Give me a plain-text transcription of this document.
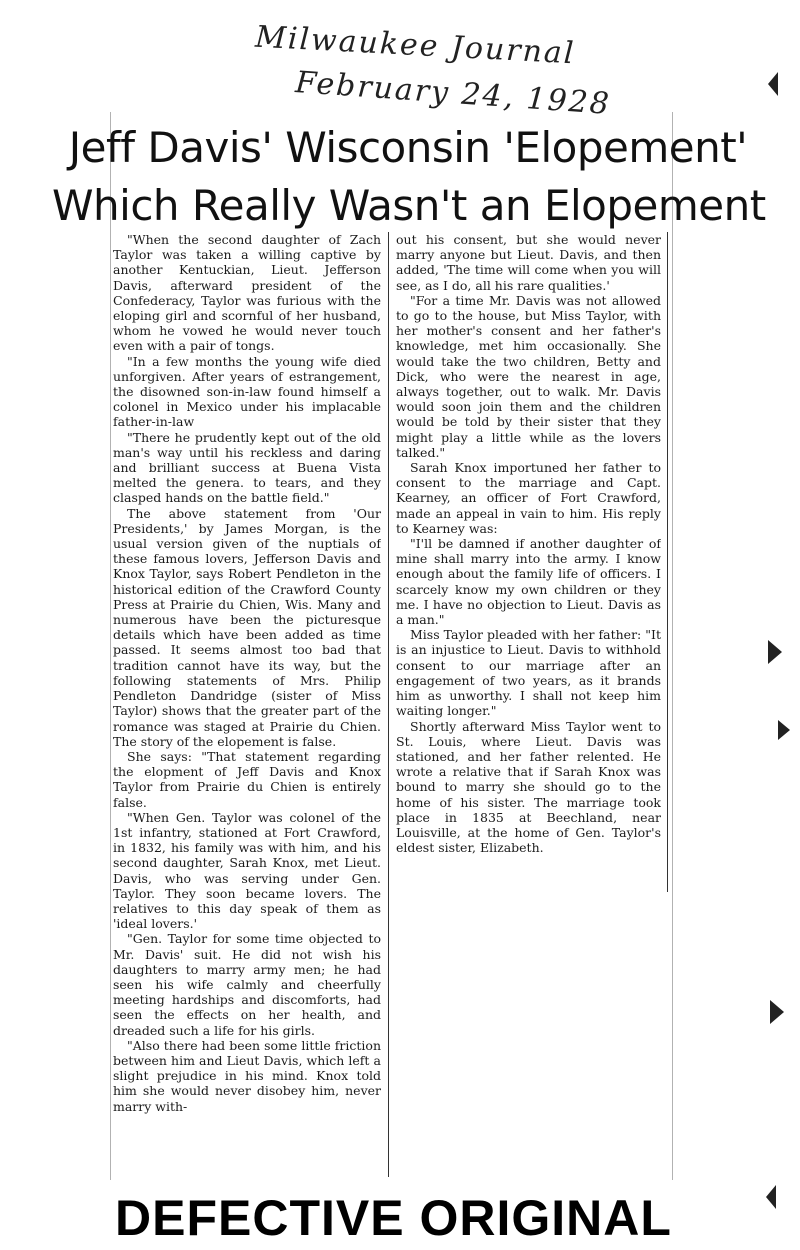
Milwaukee Journal
February 24, 1928
Jeff Davis' Wisconsin 'Elopement'
Which Really Wasn't an Elopement

"When the second daughter of Zach Taylor was taken a willing captive by another Kentuckian, Lieut. Jefferson Davis, afterward president of the Confederacy, Taylor was furious with the eloping girl and scornful of her husband, whom he vowed he would never touch even with a pair of tongs.

"In a few months the young wife died unforgiven. After years of estrangement, the disowned son-in-law found himself a colonel in Mexico under his implacable father-in-law

"There he prudently kept out of the old man's way until his reckless and daring and brilliant success at Buena Vista melted the genera. to tears, and they clasped hands on the battle field."

The above statement from 'Our Presidents,' by James Morgan, is the usual version given of the nuptials of these famous lovers, Jefferson Davis and Knox Taylor, says Robert Pendleton in the historical edition of the Crawford County Press at Prairie du Chien, Wis. Many and numerous have been the picturesque details which have been added as time passed. It seems almost too bad that tradition cannot have its way, but the following statements of Mrs. Philip Pendleton Dandridge (sister of Miss Taylor) shows that the greater part of the romance was staged at Prairie du Chien. The story of the elopement is false.

She says: "That statement regarding the elopment of Jeff Davis and Knox Taylor from Prairie du Chien is entirely false.

"When Gen. Taylor was colonel of the 1st infantry, stationed at Fort Crawford, in 1832, his family was with him, and his second daughter, Sarah Knox, met Lieut. Davis, who was serving under Gen. Taylor. They soon became lovers. The relatives to this day speak of them as 'ideal lovers.'

"Gen. Taylor for some time objected to Mr. Davis' suit. He did not wish his daughters to marry army men; he had seen his wife calmly and cheerfully meeting hardships and discomforts, had seen the effects on her health, and dreaded such a life for his girls.

"Also there had been some little friction between him and Lieut Davis, which left a slight prejudice in his mind. Knox told him she would never disobey him, never marry with-

out his consent, but she would never marry anyone but Lieut. Davis, and then added, 'The time will come when you will see, as I do, all his rare qualities.'

"For a time Mr. Davis was not allowed to go to the house, but Miss Taylor, with her mother's consent and her father's knowledge, met him occasionally. She would take the two children, Betty and Dick, who were the nearest in age, always together, out to walk. Mr. Davis would soon join them and the children would be told by their sister that they might play a little while as the lovers talked."

Sarah Knox importuned her father to consent to the marriage and Capt. Kearney, an officer of Fort Crawford, made an appeal in vain to him. His reply to Kearney was:

"I'll be damned if another daughter of mine shall marry into the army. I know enough about the family life of officers. I scarcely know my own children or they me. I have no objection to Lieut. Davis as a man."

Miss Taylor pleaded with her father: "It is an injustice to Lieut. Davis to withhold consent to our marriage after an engagement of two years, as it brands him as unworthy. I shall not keep him waiting longer."

Shortly afterward Miss Taylor went to St. Louis, where Lieut. Davis was stationed, and her father relented. He wrote a relative that if Sarah Knox was bound to marry she should go to the home of his sister. The marriage took place in 1835 at Beechland, near Louisville, at the home of Gen. Taylor's eldest sister, Elizabeth.

DEFECTIVE ORIGINAL
